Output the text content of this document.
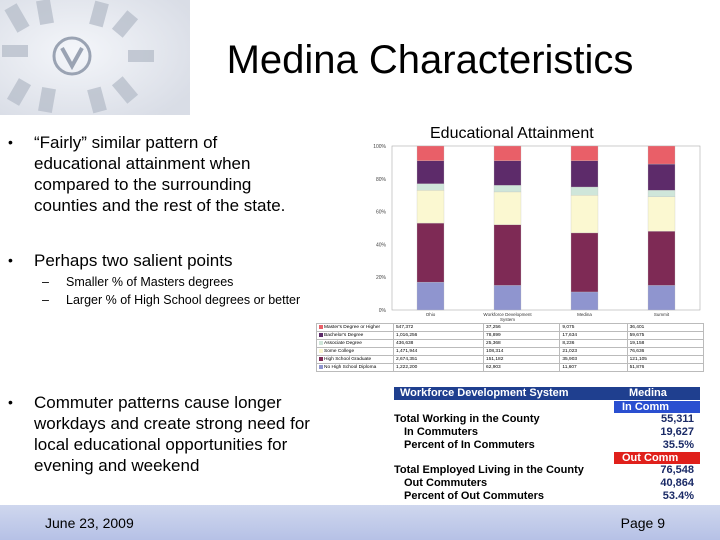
Medina Characteristics
• “Fairly” similar pattern of educational attainment when compared to the surrounding counties and the rest of the state.
• Perhaps two salient points
– Smaller % of Masters degrees
– Larger % of High School degrees or better
• Commuter patterns cause longer workdays and create strong need for local educational opportunities for evening and weekend
Educational Attainment
0%
20%
40%
60%
80%
100%
Ohio	Workforce Development System
Medina	Summit
Master's Degree or Higher	547,372	37,256	9,075	36,401
Bachelor's Degree	1,016,256	78,899	17,634	59,675
Associate Degree	436,638	25,368	8,236	19,158
Some College	1,471,944	108,314	21,023	76,636
High School Graduate	2,674,351	151,182	35,903	121,105
No High School Diploma	1,222,200	62,903	11,607	51,876
Workforce Development System	Medina
In Comm
Total Working in the County	55,311
In Commuters	19,627
Percent of In Commuters	35.5%
Out Comm
Total Employed Living in the County	76,548
Out Commuters	40,864
Percent of Out Commuters	53.4%
June 23, 2009	Page 9
